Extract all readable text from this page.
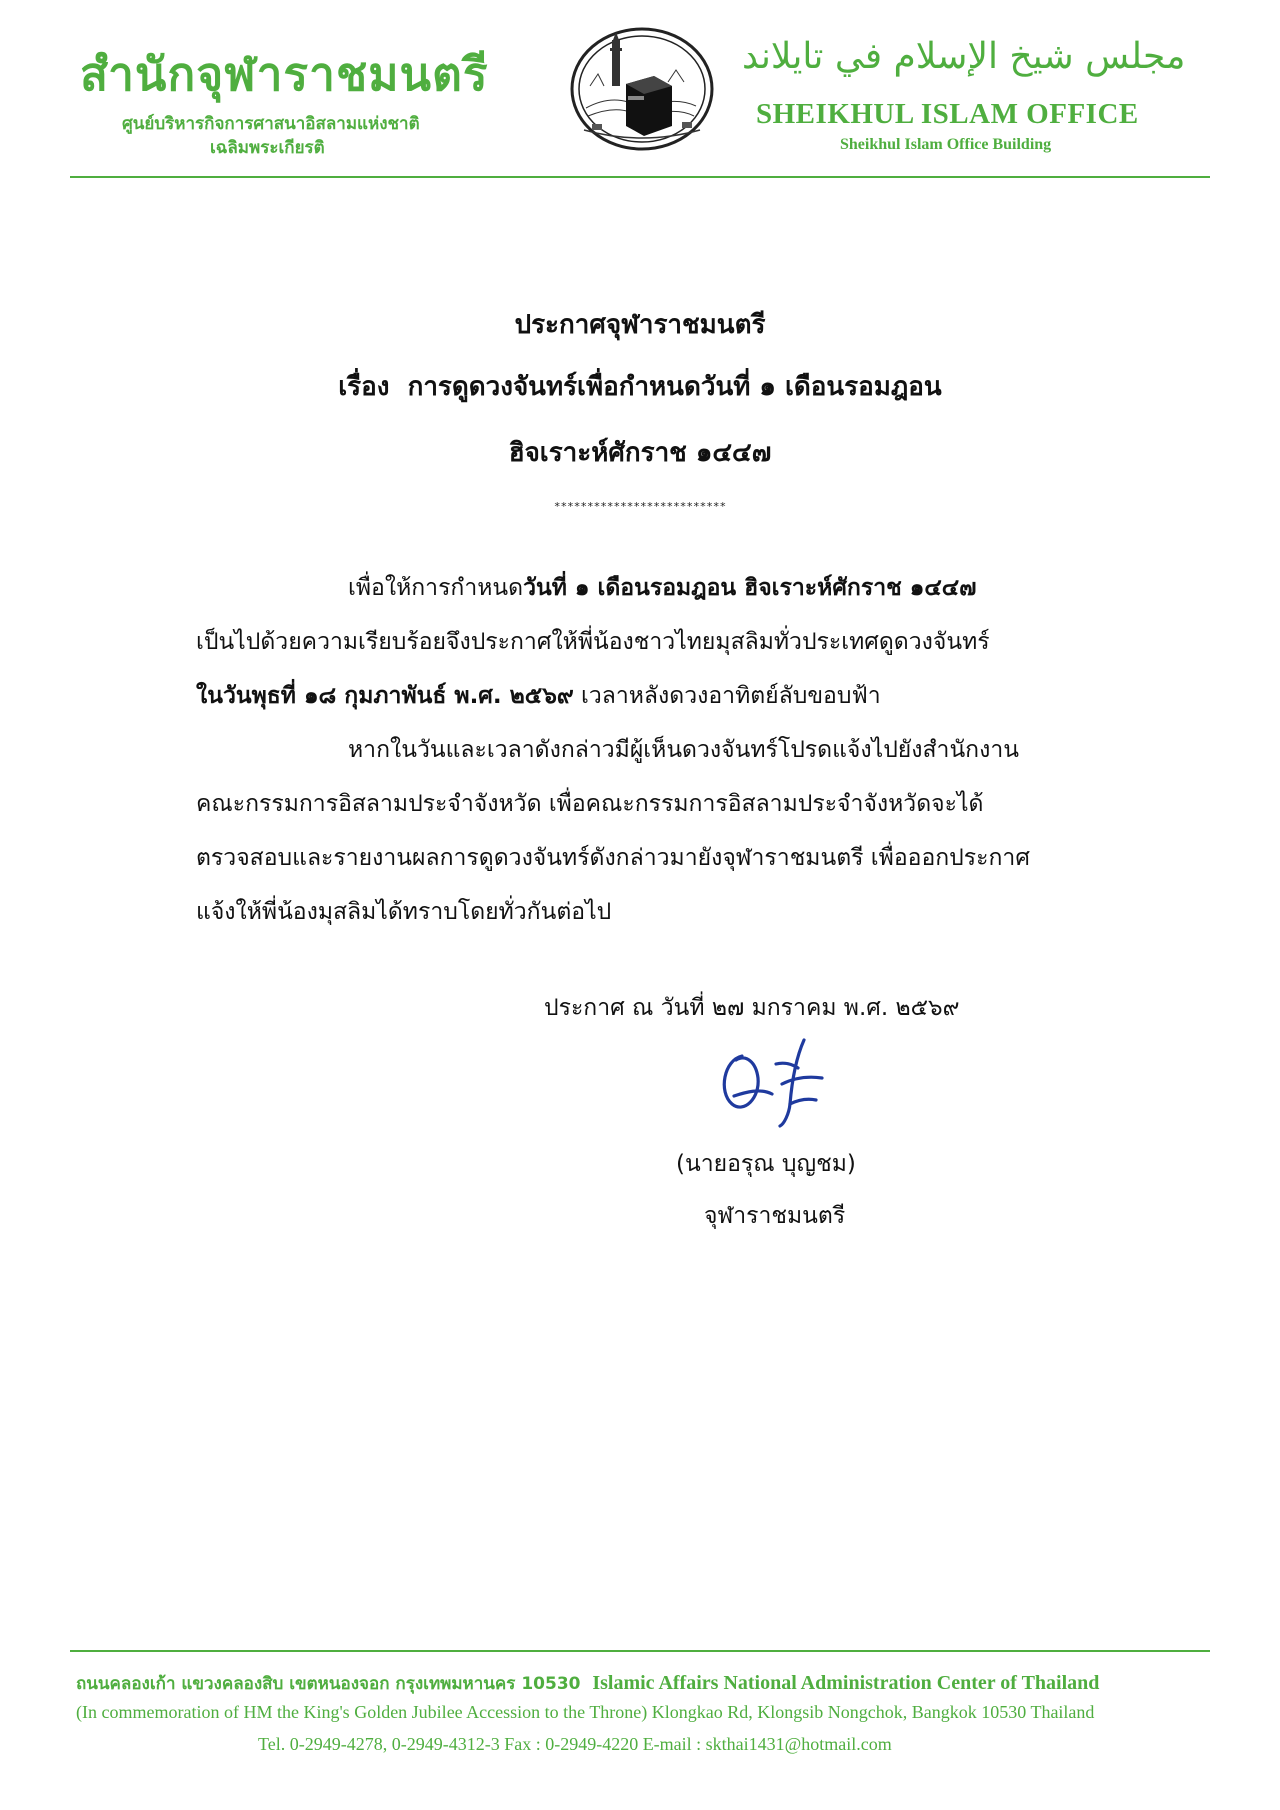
สำนักจุฬาราชมนตรี
ศูนย์บริหารกิจการศาสนาอิสลามแห่งชาติ
เฉลิมพระเกียรติ
مجلس شيخ الإسلام في تايلاند
SHEIKHUL ISLAM OFFICE
Sheikhul Islam Office Building
ประกาศจุฬาราชมนตรี
เรื่อง การดูดวงจันทร์เพื่อกำหนดวันที่ ๑ เดือนรอมฎอน
ฮิจเราะห์ศักราช ๑๔๔๗
**************************
เพื่อให้การกำหนดวันที่ ๑ เดือนรอมฎอน ฮิจเราะห์ศักราช ๑๔๔๗
เป็นไปด้วยความเรียบร้อยจึงประกาศให้พี่น้องชาวไทยมุสลิมทั่วประเทศดูดวงจันทร์
ในวันพุธที่ ๑๘ กุมภาพันธ์ พ.ศ. ๒๕๖๙ เวลาหลังดวงอาทิตย์ลับขอบฟ้า
หากในวันและเวลาดังกล่าวมีผู้เห็นดวงจันทร์โปรดแจ้งไปยังสำนักงาน
คณะกรรมการอิสลามประจำจังหวัด เพื่อคณะกรรมการอิสลามประจำจังหวัดจะได้
ตรวจสอบและรายงานผลการดูดวงจันทร์ดังกล่าวมายังจุฬาราชมนตรี เพื่อออกประกาศ
แจ้งให้พี่น้องมุสลิมได้ทราบโดยทั่วกันต่อไป
ประกาศ ณ วันที่ ๒๗ มกราคม พ.ศ. ๒๕๖๙
(นายอรุณ บุญชม)
จุฬาราชมนตรี
ถนนคลองเก้า แขวงคลองสิบ เขตหนองจอก กรุงเทพมหานคร 10530 Islamic Affairs National Administration Center of Thailand
(In commemoration of HM the King's Golden Jubilee Accession to the Throne) Klongkao Rd, Klongsib Nongchok, Bangkok 10530 Thailand
Tel. 0-2949-4278, 0-2949-4312-3 Fax : 0-2949-4220 E-mail : skthai1431@hotmail.com
